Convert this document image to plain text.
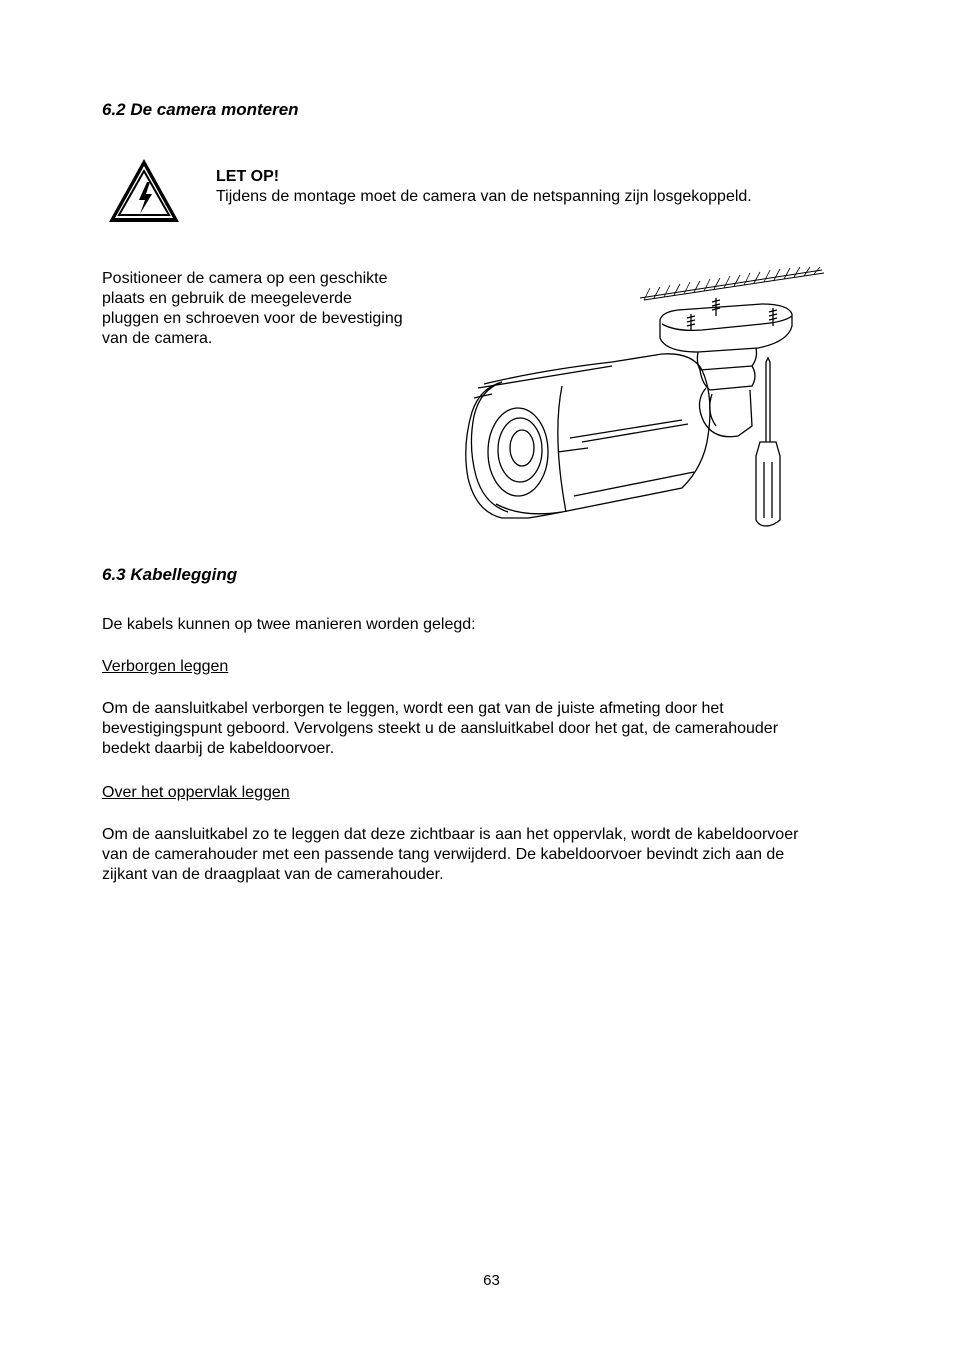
6.2 De camera monteren

LET OP!

Tijdens de montage moet de camera van de netspanning zijn losgekoppeld.

Positioneer de camera op een geschikte

plaats en gebruik de meegeleverde

pluggen en schroeven voor de bevestiging

van de camera.

6.3 Kabellegging

De kabels kunnen op twee manieren worden gelegd:

Verborgen leggen

Om de aansluitkabel verborgen te leggen, wordt een gat van de juiste afmeting door het

bevestigingspunt geboord. Vervolgens steekt u de aansluitkabel door het gat, de camerahouder

bedekt daarbij de kabeldoorvoer.

Over het oppervlak leggen

Om de aansluitkabel zo te leggen dat deze zichtbaar is aan het oppervlak, wordt de kabeldoorvoer

van de camerahouder met een passende tang verwijderd. De kabeldoorvoer bevindt zich aan de

zijkant van de draagplaat van de camerahouder.

63
